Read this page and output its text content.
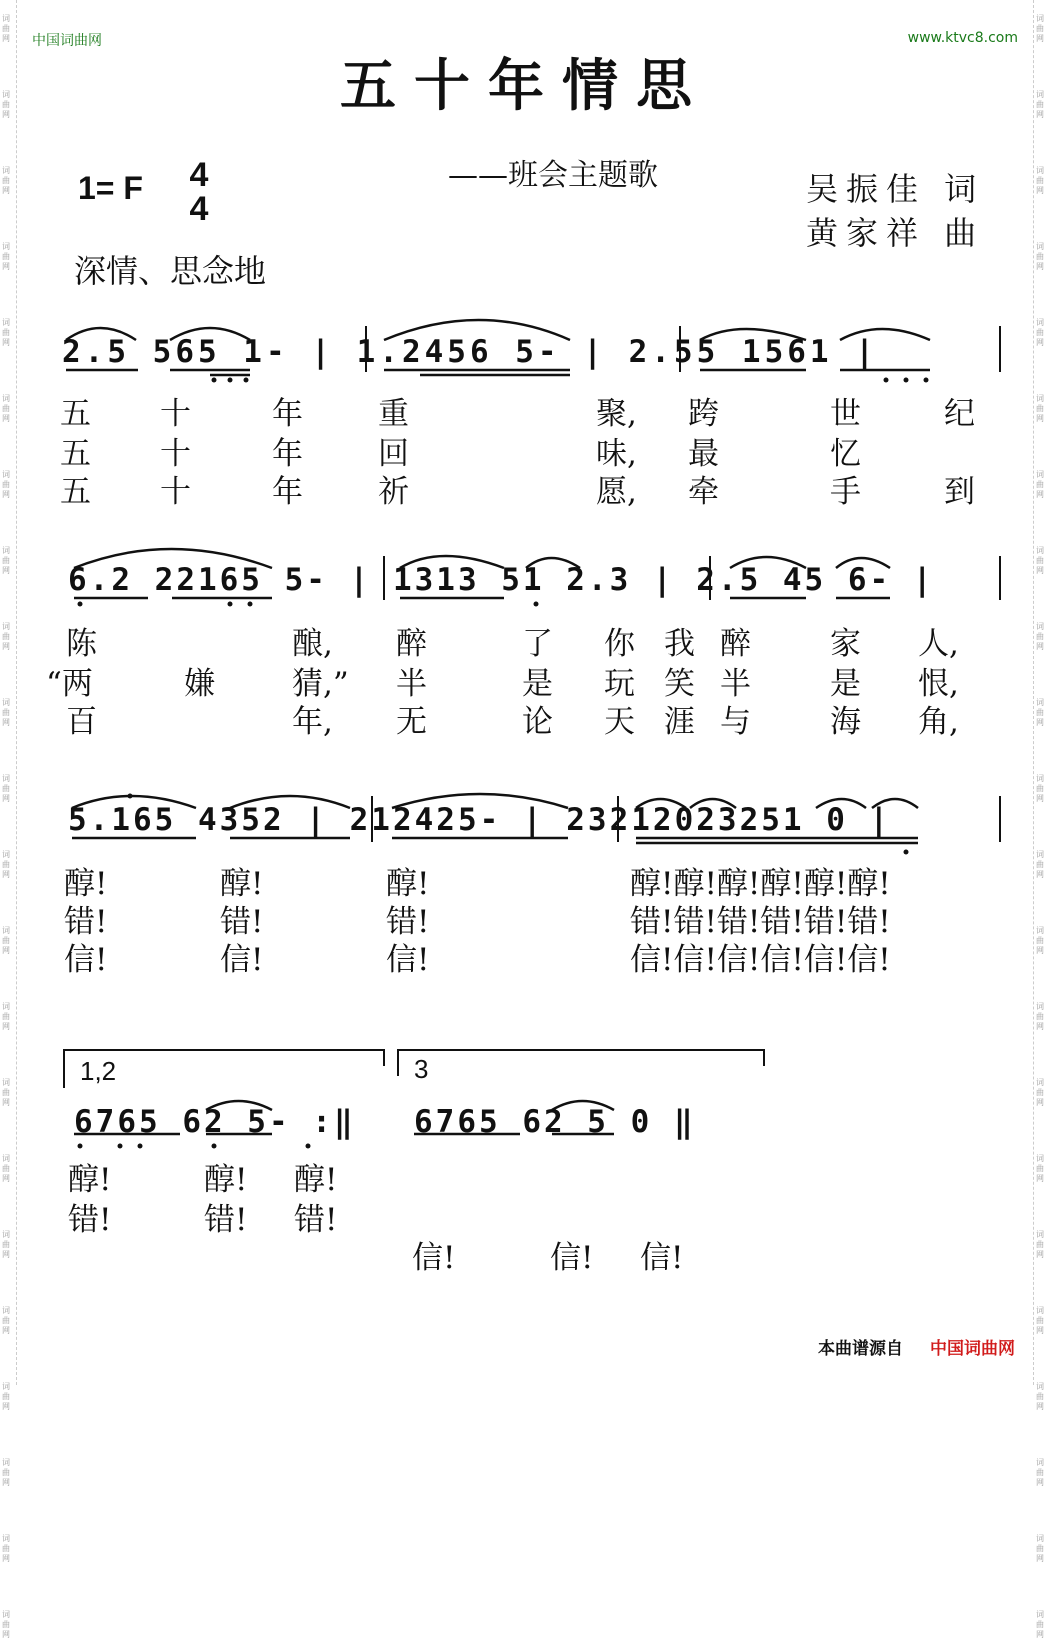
词曲网
词曲网
词曲网
词曲网
词曲网
词曲网
词曲网
词曲网
词曲网
词曲网
词曲网
词曲网
词曲网
词曲网
词曲网
词曲网
词曲网
词曲网
词曲网
词曲网
词曲网
词曲网
词曲网
词曲网
词曲网
词曲网
词曲网
词曲网
词曲网
词曲网
词曲网
词曲网
词曲网
词曲网
词曲网
词曲网
词曲网
词曲网
词曲网
词曲网
词曲网
词曲网
词曲网
词曲网
中国词曲网	www.ktvc8.com
五十年情思
——班会主题歌	吴振佳 词
黄家祥 曲
1= F 4
4
深情、思念地
2.5 565 1- | 1.2456 5- | 2.55 1561 |
五 十	年 重	聚, 跨	世	纪
五 十	年 回	味, 最	忆
五 十	年 祈	愿, 牵	手	到
6.2 22165 5- | 1313 51 2.3 | 2.5 45 6- |
陈	酿, 醉	了 你 我 醉	家 人,
“两	嫌 猜,” 半	是 玩 笑 半	是 恨,
百	年, 无	论 天 涯 与	海 角,
5.165 4352 | 212425- | 23212023251 0 |
醇!	醇!	醇!	醇!醇!醇!醇!醇!醇!
错!	错!	错!	错!错!错!错!错!错!
信!	信!	信!	信!信!信!信!信!信!
1,2	3
6765 62 5- :‖ 6765 62 5 0 ‖
醇!	醇! 醇!
错!	错! 错!
信!	信! 信!
本曲谱源自 中国词曲网
